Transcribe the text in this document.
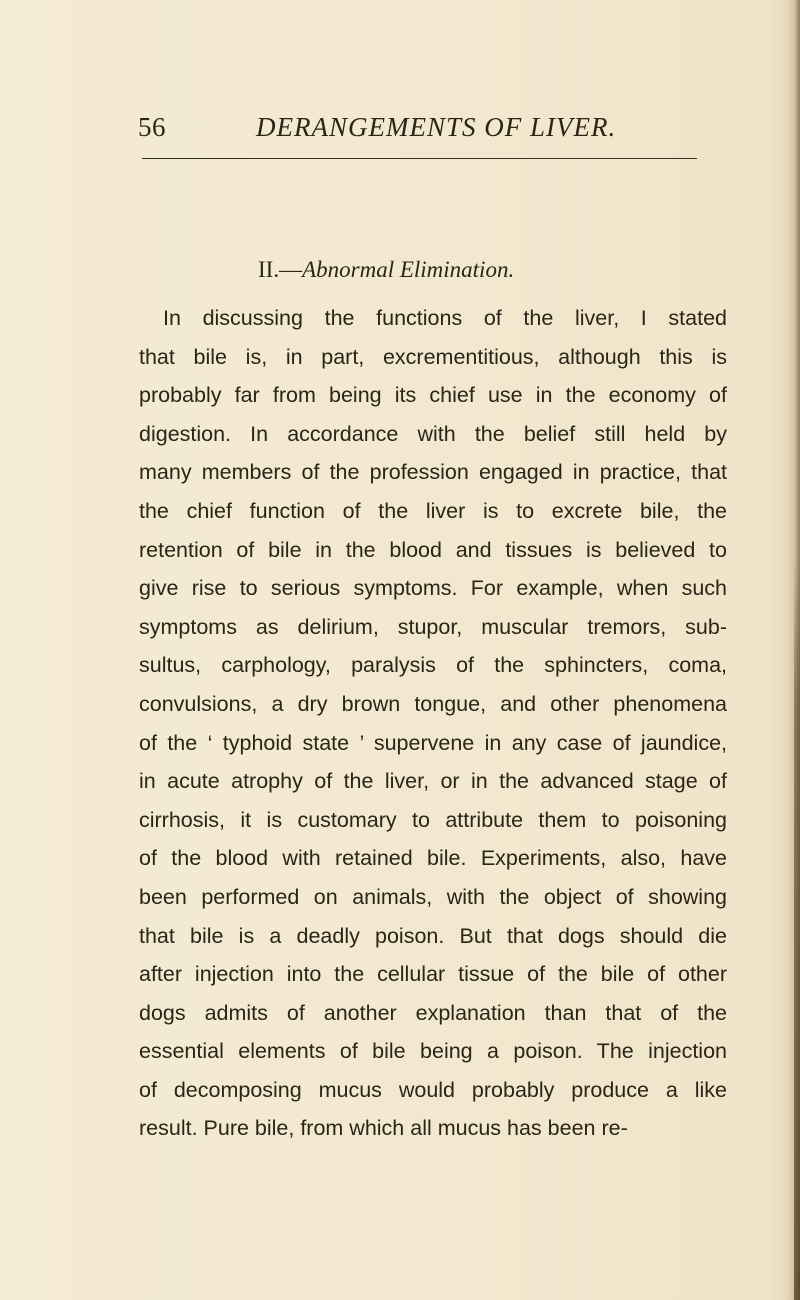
56	DERANGEMENTS OF LIVER.
II.—Abnormal Elimination.
In discussing the functions of the liver, I stated
that bile is, in part, excrementitious, although this is
probably far from being its chief use in the economy of
digestion. In accordance with the belief still held by
many members of the profession engaged in practice, that
the chief function of the liver is to excrete bile, the
retention of bile in the blood and tissues is believed to
give rise to serious symptoms. For example, when such
symptoms as delirium, stupor, muscular tremors, sub-
sultus, carphology, paralysis of the sphincters, coma,
convulsions, a dry brown tongue, and other phenomena
of the ‘ typhoid state ’ supervene in any case of jaundice,
in acute atrophy of the liver, or in the advanced stage of
cirrhosis, it is customary to attribute them to poisoning
of the blood with retained bile. Experiments, also, have
been performed on animals, with the object of showing
that bile is a deadly poison. But that dogs should die
after injection into the cellular tissue of the bile of other
dogs admits of another explanation than that of the
essential elements of bile being a poison. The injection
of decomposing mucus would probably produce a like
result. Pure bile, from which all mucus has been re-
